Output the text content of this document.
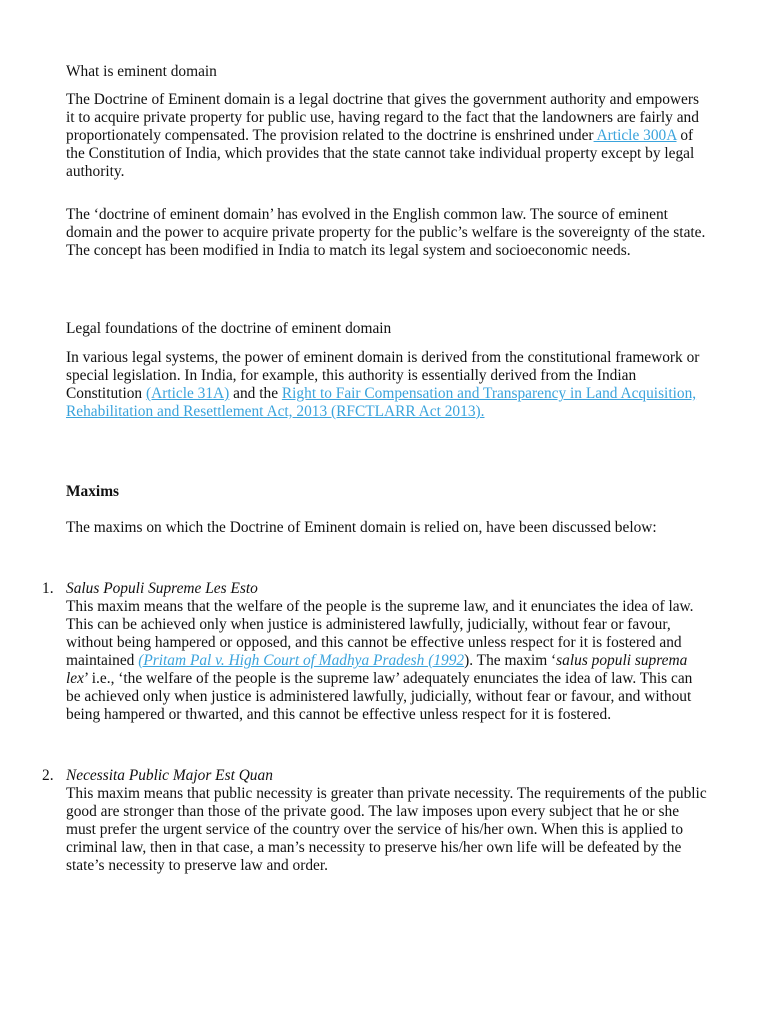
What is eminent domain

The Doctrine of Eminent domain is a legal doctrine that gives the government authority and empowers it to acquire private property for public use, having regard to the fact that the landowners are fairly and proportionately compensated. The provision related to the doctrine is enshrined under Article 300A of the Constitution of India, which provides that the state cannot take individual property except by legal authority.

The ‘doctrine of eminent domain’ has evolved in the English common law. The source of eminent domain and the power to acquire private property for the public’s welfare is the sovereignty of the state. The concept has been modified in India to match its legal system and socioeconomic needs.

Legal foundations of the doctrine of eminent domain

In various legal systems, the power of eminent domain is derived from the constitutional framework or special legislation. In India, for example, this authority is essentially derived from the Indian Constitution (Article 31A) and the Right to Fair Compensation and Transparency in Land Acquisition, Rehabilitation and Resettlement Act, 2013 (RFCTLARR Act 2013).

Maxims

The maxims on which the Doctrine of Eminent domain is relied on, have been discussed below:

1. Salus Populi Supreme Les Esto
This maxim means that the welfare of the people is the supreme law, and it enunciates the idea of law. This can be achieved only when justice is administered lawfully, judicially, without fear or favour, without being hampered or opposed, and this cannot be effective unless respect for it is fostered and maintained (Pritam Pal v. High Court of Madhya Pradesh (1992). The maxim ‘salus populi suprema lex’ i.e., ‘the welfare of the people is the supreme law’ adequately enunciates the idea of law. This can be achieved only when justice is administered lawfully, judicially, without fear or favour, and without being hampered or thwarted, and this cannot be effective unless respect for it is fostered.
2. Necessita Public Major Est Quan
This maxim means that public necessity is greater than private necessity. The requirements of the public good are stronger than those of the private good. The law imposes upon every subject that he or she must prefer the urgent service of the country over the service of his/her own. When this is applied to criminal law, then in that case, a man’s necessity to preserve his/her own life will be defeated by the state’s necessity to preserve law and order.
